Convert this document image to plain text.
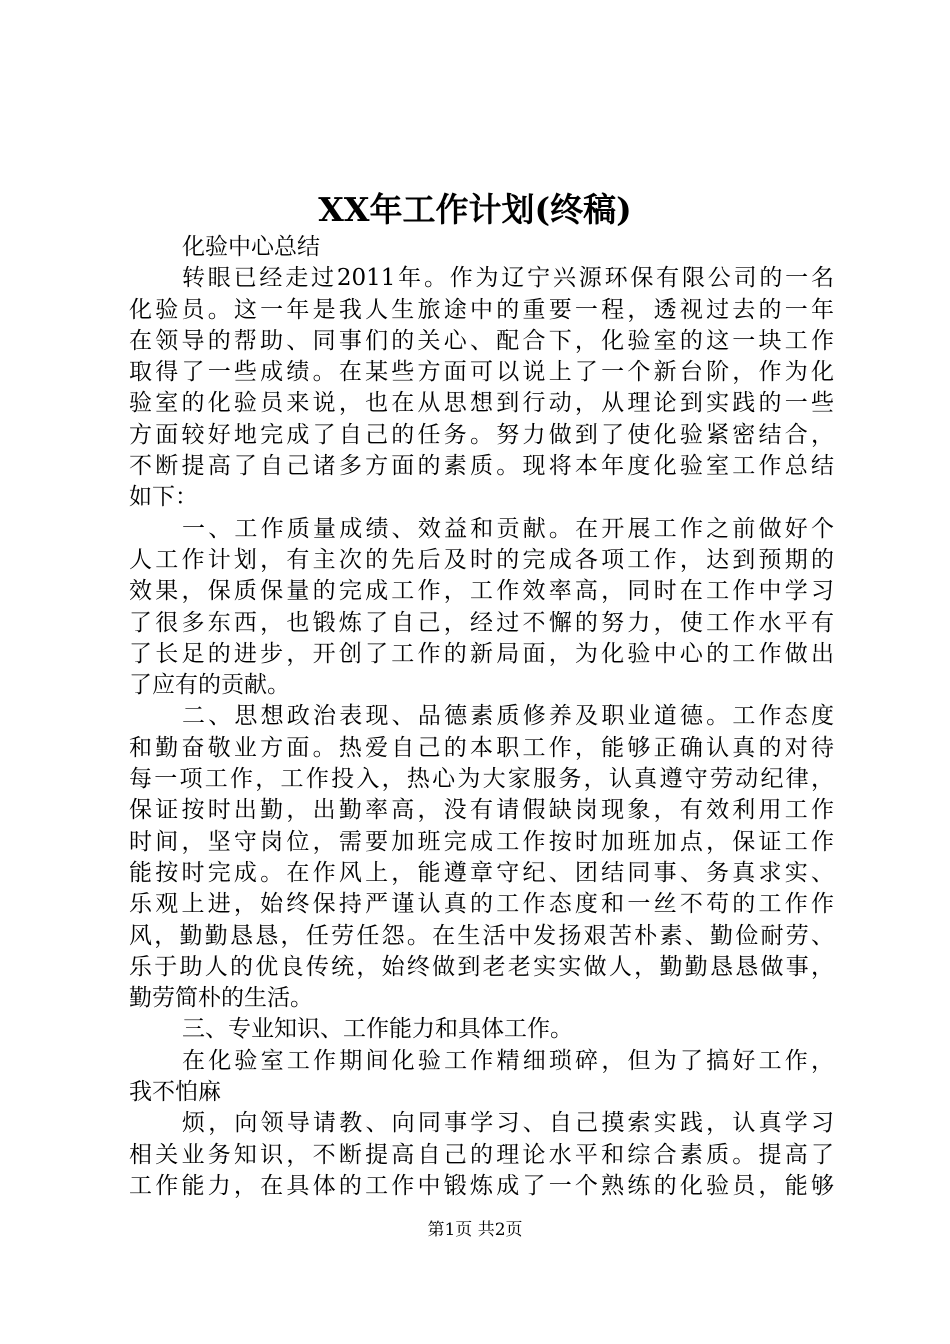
XX年工作计划(终稿)
化验中心总结
转眼已经走过2011年。作为辽宁兴源环保有限公司的一名
化验员。这一年是我人生旅途中的重要一程，透视过去的一年
在领导的帮助、同事们的关心、配合下，化验室的这一块工作
取得了一些成绩。在某些方面可以说上了一个新台阶，作为化
验室的化验员来说，也在从思想到行动，从理论到实践的一些
方面较好地完成了自己的任务。努力做到了使化验紧密结合，
不断提高了自己诸多方面的素质。现将本年度化验室工作总结
如下：
一、工作质量成绩、效益和贡献。在开展工作之前做好个
人工作计划，有主次的先后及时的完成各项工作，达到预期的
效果，保质保量的完成工作，工作效率高，同时在工作中学习
了很多东西，也锻炼了自己，经过不懈的努力，使工作水平有
了长足的进步，开创了工作的新局面，为化验中心的工作做出
了应有的贡献。
二、思想政治表现、品德素质修养及职业道德。工作态度
和勤奋敬业方面。热爱自己的本职工作，能够正确认真的对待
每一项工作，工作投入，热心为大家服务，认真遵守劳动纪律，
保证按时出勤，出勤率高，没有请假缺岗现象，有效利用工作
时间，坚守岗位，需要加班完成工作按时加班加点，保证工作
能按时完成。在作风上，能遵章守纪、团结同事、务真求实、
乐观上进，始终保持严谨认真的工作态度和一丝不苟的工作作
风，勤勤恳恳，任劳任怨。在生活中发扬艰苦朴素、勤俭耐劳、
乐于助人的优良传统，始终做到老老实实做人，勤勤恳恳做事，
勤劳简朴的生活。
三、专业知识、工作能力和具体工作。
在化验室工作期间化验工作精细琐碎，但为了搞好工作，
我不怕麻
烦，向领导请教、向同事学习、自己摸索实践，认真学习
相关业务知识，不断提高自己的理论水平和综合素质。提高了
工作能力，在具体的工作中锻炼成了一个熟练的化验员，能够
第1页 共2页
